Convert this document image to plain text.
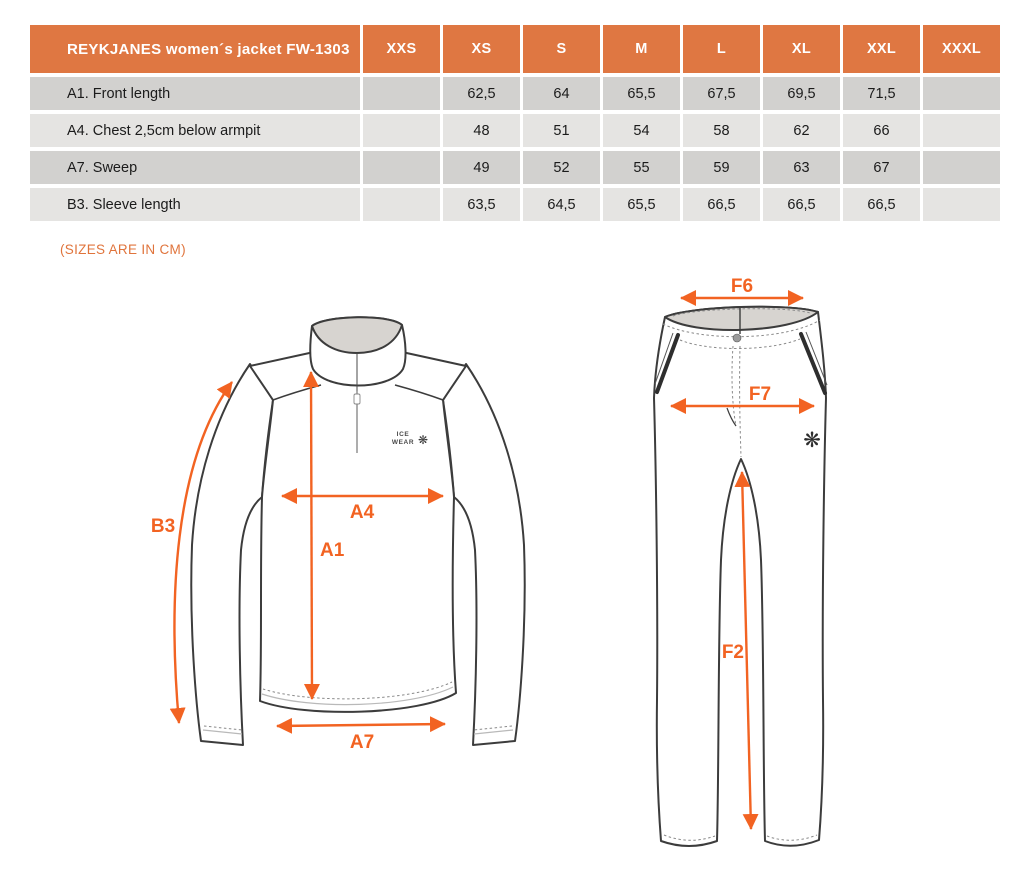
REYKJANES women´s jacket FW-1303	XXS	XS	S	M	L	XL	XXL	XXXL
A1. Front length		62,5	64	65,5	67,5	69,5	71,5	
A4. Chest 2,5cm below armpit		48	51	54	58	62	66	
A7. Sweep		49	52	55	59	63	67	
B3. Sleeve length		63,5	64,5	65,5	66,5	66,5	66,5	
(SIZES ARE IN CM)
ICE
WEAR ❋
B3
A4
A1
A7
❋
F6
F7
F2
